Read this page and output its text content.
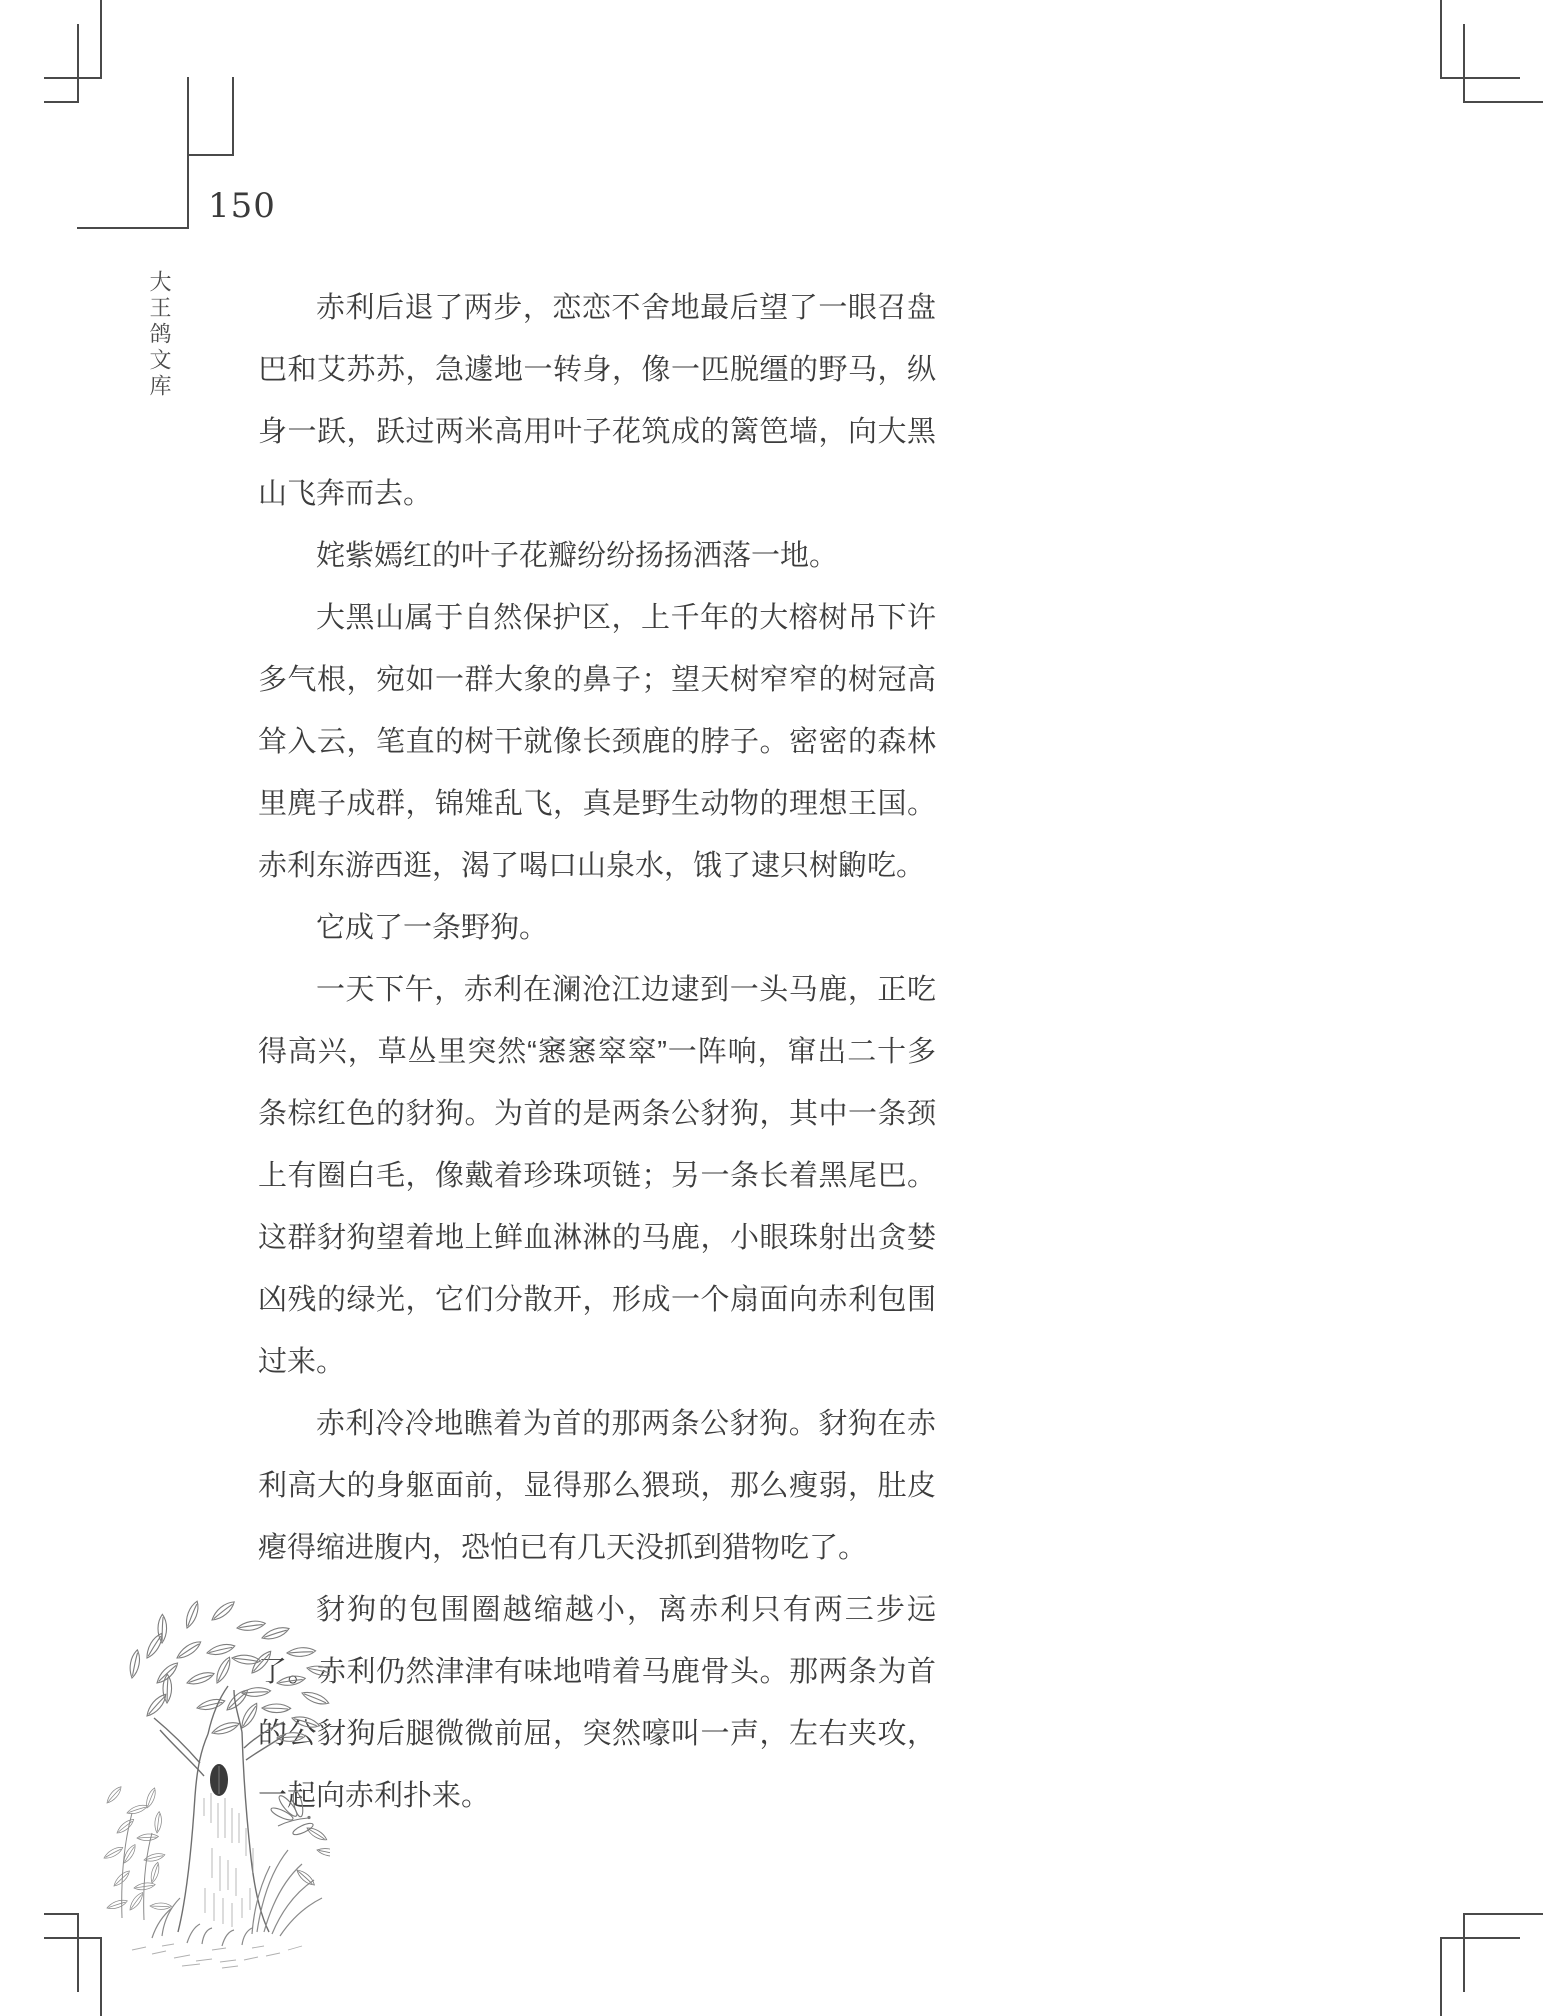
150
大王鸽文库	赤利后退了两步，恋恋不舍地最后望了一眼召盘巴和艾苏苏，急遽地一转身，像一匹脱缰的野马，纵身一跃，跃过两米高用叶子花筑成的篱笆墙，向大黑山飞奔而去。

姹紫嫣红的叶子花瓣纷纷扬扬洒落一地。

大黑山属于自然保护区，上千年的大榕树吊下许多气根，宛如一群大象的鼻子；望天树窄窄的树冠高耸入云，笔直的树干就像长颈鹿的脖子。密密的森林里麂子成群，锦雉乱飞，真是野生动物的理想王国。赤利东游西逛，渴了喝口山泉水，饿了逮只树鼩吃。

它成了一条野狗。

一天下午，赤利在澜沧江边逮到一头马鹿，正吃得高兴，草丛里突然“窸窸窣窣”一阵响，窜出二十多条棕红色的豺狗。为首的是两条公豺狗，其中一条颈上有圈白毛，像戴着珍珠项链；另一条长着黑尾巴。这群豺狗望着地上鲜血淋淋的马鹿，小眼珠射出贪婪凶残的绿光，它们分散开，形成一个扇面向赤利包围过来。

赤利冷冷地瞧着为首的那两条公豺狗。豺狗在赤利高大的身躯面前，显得那么猥琐，那么瘦弱，肚皮瘪得缩进腹内，恐怕已有几天没抓到猎物吃了。

豺狗的包围圈越缩越小，离赤利只有两三步远了。赤利仍然津津有味地啃着马鹿骨头。那两条为首的公豺狗后腿微微前屈，突然嚎叫一声，左右夹攻，一起向赤利扑来。
